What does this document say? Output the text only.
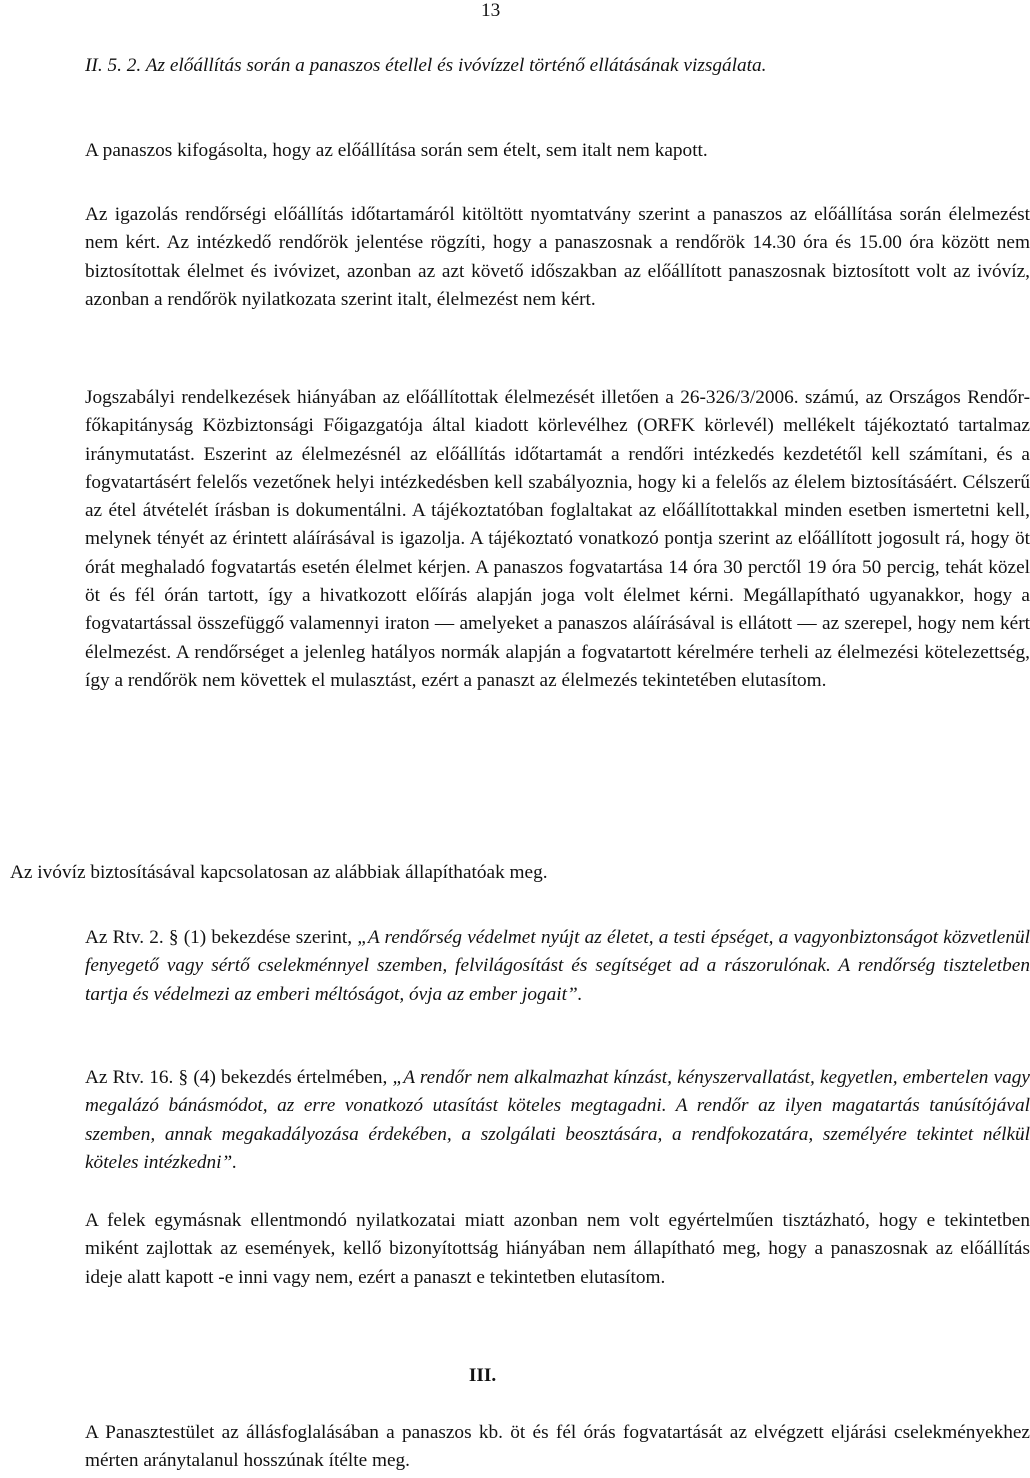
13

II. 5. 2. Az előállítás során a panaszos étellel és ivóvízzel történő ellátásának vizsgálata.

A panaszos kifogásolta, hogy az előállítása során sem ételt, sem italt nem kapott.

Az igazolás rendőrségi előállítás időtartamáról kitöltött nyomtatvány szerint a panaszos az előállítása során élelmezést nem kért. Az intézkedő rendőrök jelentése rögzíti, hogy a panaszosnak a rendőrök 14.30 óra és 15.00 óra között nem biztosítottak élelmet és ivóvizet, azonban az azt követő időszakban az előállított panaszosnak biztosított volt az ivóvíz, azonban a rendőrök nyilatkozata szerint italt, élelmezést nem kért.

Jogszabályi rendelkezések hiányában az előállítottak élelmezését illetően a 26-326/3/2006. számú, az Országos Rendőr-főkapitányság Közbiztonsági Főigazgatója által kiadott körlevélhez (ORFK körlevél) mellékelt tájékoztató tartalmaz iránymutatást. Eszerint az élelmezésnél az előállítás időtartamát a rendőri intézkedés kezdetétől kell számítani, és a fogvatartásért felelős vezetőnek helyi intézkedésben kell szabályoznia, hogy ki a felelős az élelem biztosításáért. Célszerű az étel átvételét írásban is dokumentálni. A tájékoztatóban foglaltakat az előállítottakkal minden esetben ismertetni kell, melynek tényét az érintett aláírásával is igazolja. A tájékoztató vonatkozó pontja szerint az előállított jogosult rá, hogy öt órát meghaladó fogvatartás esetén élelmet kérjen. A panaszos fogvatartása 14 óra 30 perctől 19 óra 50 percig, tehát közel öt és fél órán tartott, így a hivatkozott előírás alapján joga volt élelmet kérni. Megállapítható ugyanakkor, hogy a fogvatartással összefüggő valamennyi iraton — amelyeket a panaszos aláírásával is ellátott — az szerepel, hogy nem kért élelmezést. A rendőrséget a jelenleg hatályos normák alapján a fogvatartott kérelmére terheli az élelmezési kötelezettség, így a rendőrök nem követtek el mulasztást, ezért a panaszt az élelmezés tekintetében elutasítom.

Az ivóvíz biztosításával kapcsolatosan az alábbiak állapíthatóak meg.

Az Rtv. 2. § (1) bekezdése szerint, „A rendőrség védelmet nyújt az életet, a testi épséget, a vagyonbiztonságot közvetlenül fenyegető vagy sértő cselekménnyel szemben, felvilágosítást és segítséget ad a rászorulónak. A rendőrség tiszteletben tartja és védelmezi az emberi méltóságot, óvja az ember jogait”.

Az Rtv. 16. § (4) bekezdés értelmében, „A rendőr nem alkalmazhat kínzást, kényszervallatást, kegyetlen, embertelen vagy megalázó bánásmódot, az erre vonatkozó utasítást köteles megtagadni. A rendőr az ilyen magatartás tanúsítójával szemben, annak megakadályozása érdekében, a szolgálati beosztására, a rendfokozatára, személyére tekintet nélkül köteles intézkedni”.

A felek egymásnak ellentmondó nyilatkozatai miatt azonban nem volt egyértelműen tisztázható, hogy e tekintetben miként zajlottak az események, kellő bizonyítottság hiányában nem állapítható meg, hogy a panaszosnak az előállítás ideje alatt kapott -e inni vagy nem, ezért a panaszt e tekintetben elutasítom.

III.

A Panasztestület az állásfoglalásában a panaszos kb. öt és fél órás fogvatartását az elvégzett eljárási cselekményekhez mérten aránytalanul hosszúnak ítélte meg.
